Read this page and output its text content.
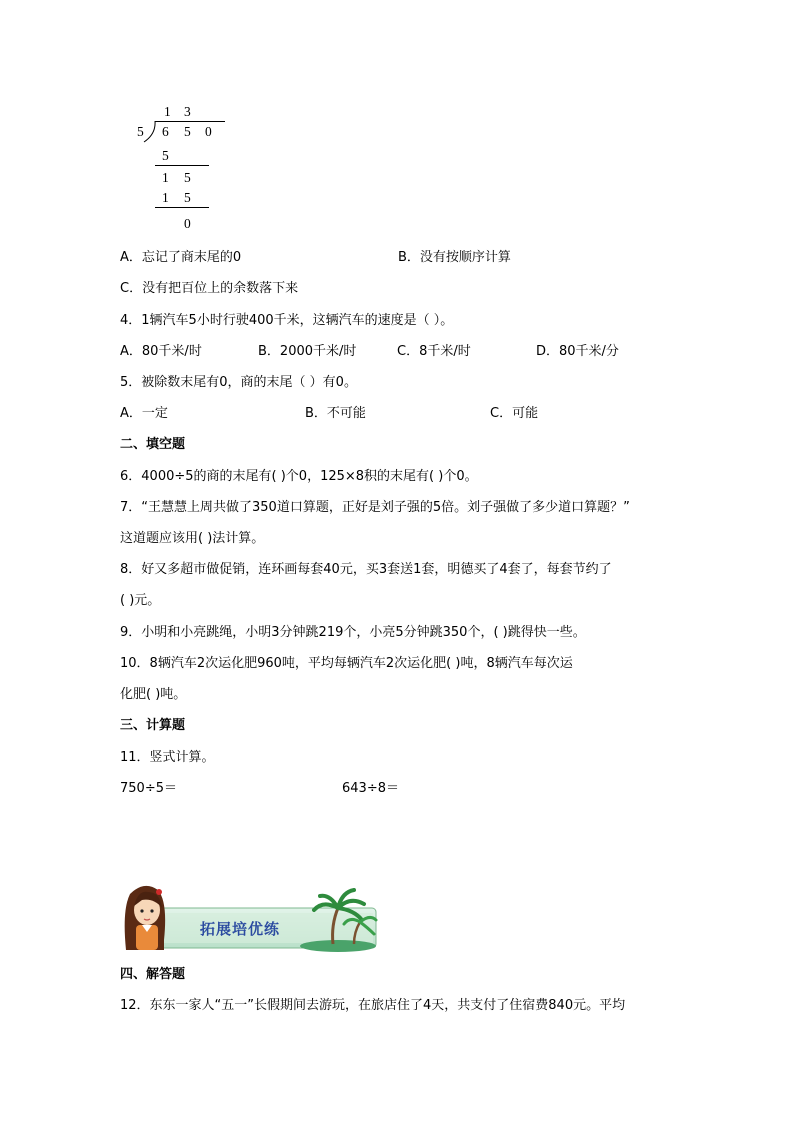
1 3
5 6 5 0
5
1 5
1 5
0
A．忘记了商末尾的0	B．没有按顺序计算
C．没有把百位上的余数落下来
4．1辆汽车5小时行驶400千米，这辆汽车的速度是（ ）。
A．80千米/时	B．2000千米/时	C．8千米/时	D．80千米/分
5．被除数末尾有0，商的末尾（ ）有0。
A．一定	B．不可能	C．可能
二、填空题
6．4000÷5的商的末尾有( )个0，125×8积的末尾有( )个0。
7．“王慧慧上周共做了350道口算题，正好是刘子强的5倍。刘子强做了多少道口算题？”
这道题应该用( )法计算。
8．好又多超市做促销，连环画每套40元，买3套送1套，明德买了4套了，每套节约了
( )元。
9．小明和小亮跳绳，小明3分钟跳219个，小亮5分钟跳350个，( )跳得快一些。
10．8辆汽车2次运化肥960吨，平均每辆汽车2次运化肥( )吨，8辆汽车每次运
化肥( )吨。
三、计算题
11．竖式计算。
750÷5＝	643÷8＝
拓展培优练
四、解答题
12．东东一家人“五一”长假期间去游玩，在旅店住了4天，共支付了住宿费840元。平均
